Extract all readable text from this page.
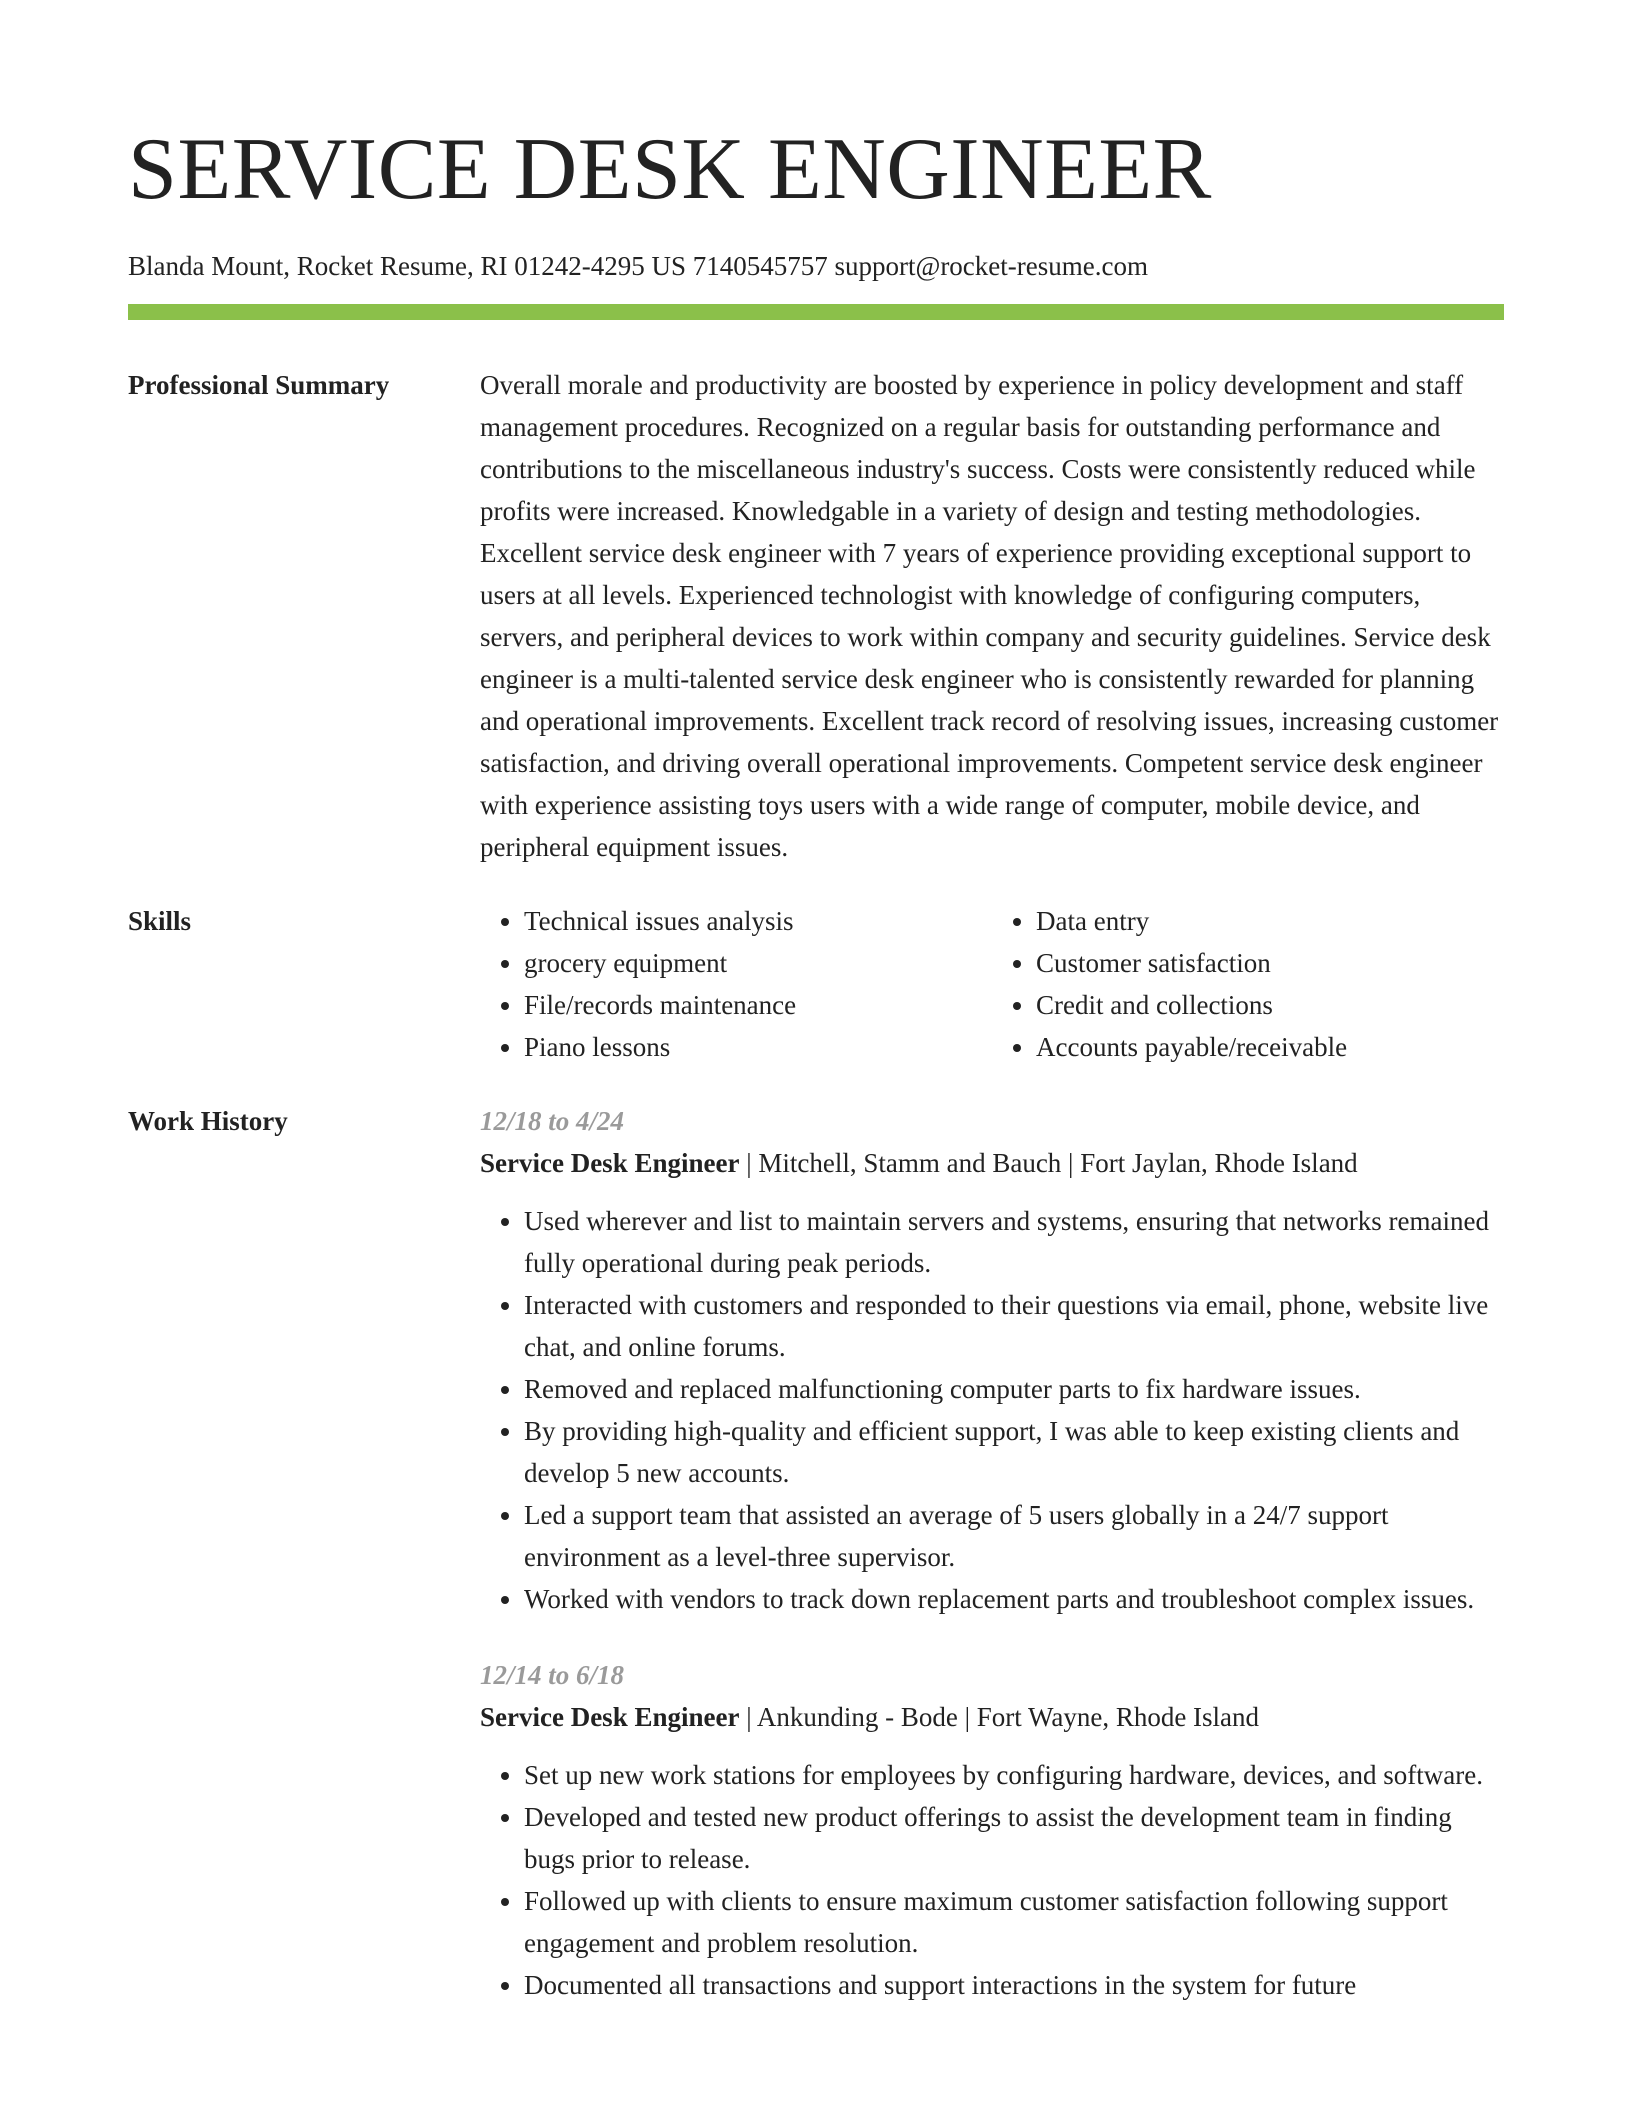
SERVICE DESK ENGINEER
Blanda Mount, Rocket Resume, RI 01242-4295 US 7140545757 support@rocket-resume.com
Professional Summary	Overall morale and productivity are boosted by experience in policy development and staff management procedures. Recognized on a regular basis for outstanding performance and contributions to the miscellaneous industry's success. Costs were consistently reduced while profits were increased. Knowledgable in a variety of design and testing methodologies. Excellent service desk engineer with 7 years of experience providing exceptional support to users at all levels. Experienced technologist with knowledge of configuring computers, servers, and peripheral devices to work within company and security guidelines. Service desk engineer is a multi-talented service desk engineer who is consistently rewarded for planning and operational improvements. Excellent track record of resolving issues, increasing customer satisfaction, and driving overall operational improvements. Competent service desk engineer with experience assisting toys users with a wide range of computer, mobile device, and peripheral equipment issues.

Skills
•	Technical issues analysis
• grocery equipment
• File/records maintenance
• Piano lessons
• Data entry
• Customer satisfaction
• Credit and collections
• Accounts payable/receivable
Work History	12/18 to 4/24
Service Desk Engineer | Mitchell, Stamm and Bauch | Fort Jaylan, Rhode Island
• Used wherever and list to maintain servers and systems, ensuring that networks remained fully operational during peak periods.
• Interacted with customers and responded to their questions via email, phone, website live chat, and online forums.
• Removed and replaced malfunctioning computer parts to fix hardware issues.
• By providing high-quality and efficient support, I was able to keep existing clients and develop 5 new accounts.
• Led a support team that assisted an average of 5 users globally in a 24/7 support environment as a level-three supervisor.
• Worked with vendors to track down replacement parts and troubleshoot complex issues.
12/14 to 6/18
Service Desk Engineer | Ankunding - Bode | Fort Wayne, Rhode Island
• Set up new work stations for employees by configuring hardware, devices, and software.
• Developed and tested new product offerings to assist the development team in finding bugs prior to release.
• Followed up with clients to ensure maximum customer satisfaction following support engagement and problem resolution.
• Documented all transactions and support interactions in the system for future
